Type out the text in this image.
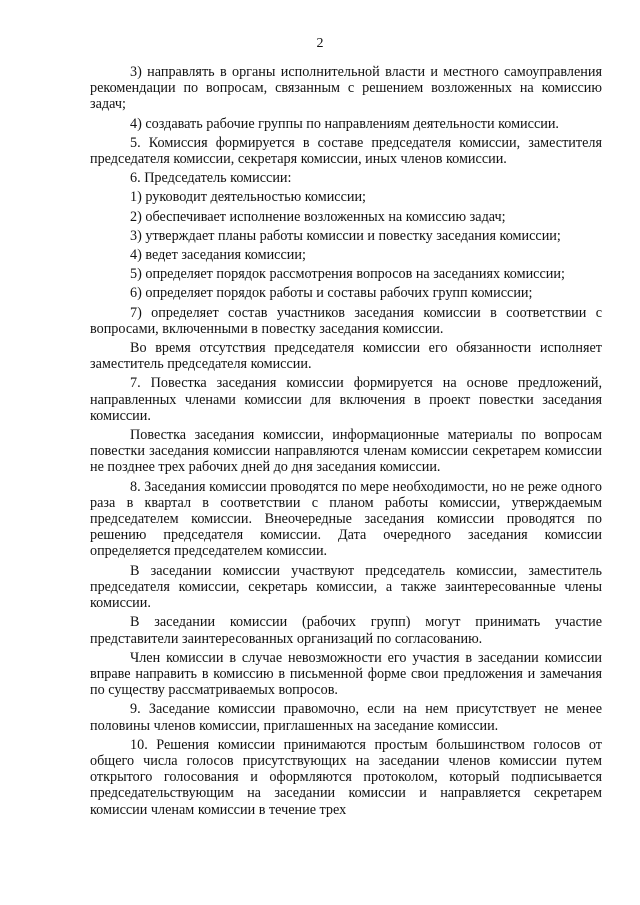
2

3) направлять в органы исполнительной власти и местного самоуправления рекомендации по вопросам, связанным с решением возложенных на комиссию задач;

4) создавать рабочие группы по направлениям деятельности комиссии.

5. Комиссия формируется в составе председателя комиссии, заместителя председателя комиссии, секретаря комиссии, иных членов комиссии.

6. Председатель комиссии:

1) руководит деятельностью комиссии;

2) обеспечивает исполнение возложенных на комиссию задач;

3) утверждает планы работы комиссии и повестку заседания комиссии;

4) ведет заседания комиссии;

5) определяет порядок рассмотрения вопросов на заседаниях комиссии;

6) определяет порядок работы и составы рабочих групп комиссии;

7) определяет состав участников заседания комиссии в соответствии с вопросами, включенными в повестку заседания комиссии.

Во время отсутствия председателя комиссии его обязанности исполняет заместитель председателя комиссии.

7. Повестка заседания комиссии формируется на основе предложений, направленных членами комиссии для включения в проект повестки заседания комиссии.

Повестка заседания комиссии, информационные материалы по вопросам повестки заседания комиссии направляются членам комиссии секретарем комиссии не позднее трех рабочих дней до дня заседания комиссии.

8. Заседания комиссии проводятся по мере необходимости, но не реже одного раза в квартал в соответствии с планом работы комиссии, утверждаемым председателем комиссии. Внеочередные заседания комиссии проводятся по решению председателя комиссии. Дата очередного заседания комиссии определяется председателем комиссии.

В заседании комиссии участвуют председатель комиссии, заместитель председателя комиссии, секретарь комиссии, а также заинтересованные члены комиссии.

В заседании комиссии (рабочих групп) могут принимать участие представители заинтересованных организаций по согласованию.

Член комиссии в случае невозможности его участия в заседании комиссии вправе направить в комиссию в письменной форме свои предложения и замечания по существу рассматриваемых вопросов.

9. Заседание комиссии правомочно, если на нем присутствует не менее половины членов комиссии, приглашенных на заседание комиссии.

10. Решения комиссии принимаются простым большинством голосов от общего числа голосов присутствующих на заседании членов комиссии путем открытого голосования и оформляются протоколом, который подписывается председательствующим на заседании комиссии и направляется секретарем комиссии членам комиссии в течение трех
